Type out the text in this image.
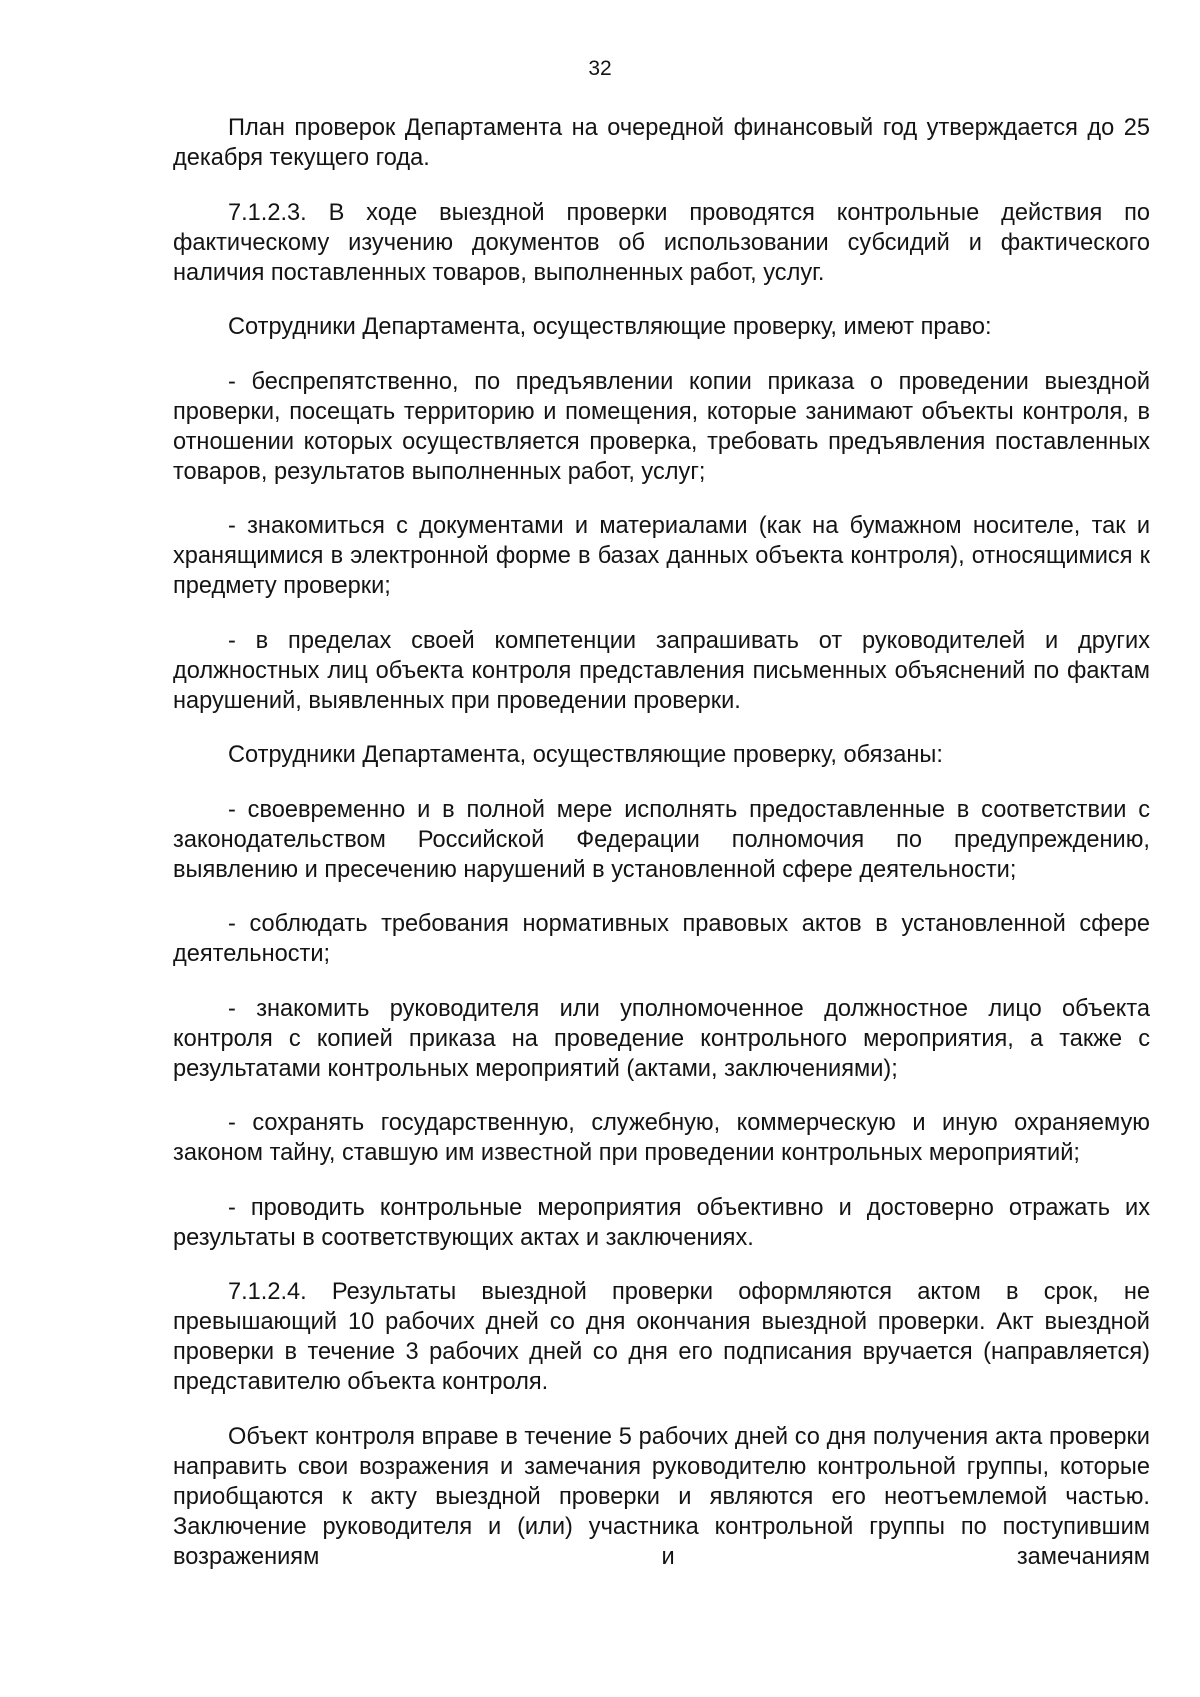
32

План проверок Департамента на очередной финансовый год утверждается до 25 декабря текущего года.

7.1.2.3. В ходе выездной проверки проводятся контрольные действия по фактическому изучению документов об использовании субсидий и фактического наличия поставленных товаров, выполненных работ, услуг.

Сотрудники Департамента, осуществляющие проверку, имеют право:

- беспрепятственно, по предъявлении копии приказа о проведении выездной проверки, посещать территорию и помещения, которые занимают объекты контроля, в отношении которых осуществляется проверка, требовать предъявления поставленных товаров, результатов выполненных работ, услуг;

- знакомиться с документами и материалами (как на бумажном носителе, так и хранящимися в электронной форме в базах данных объекта контроля), относящимися к предмету проверки;

- в пределах своей компетенции запрашивать от руководителей и других должностных лиц объекта контроля представления письменных объяснений по фактам нарушений, выявленных при проведении проверки.

Сотрудники Департамента, осуществляющие проверку, обязаны:

- своевременно и в полной мере исполнять предоставленные в соответствии с законодательством Российской Федерации полномочия по предупреждению, выявлению и пресечению нарушений в установленной сфере деятельности;

- соблюдать требования нормативных правовых актов в установленной сфере деятельности;

- знакомить руководителя или уполномоченное должностное лицо объекта контроля с копией приказа на проведение контрольного мероприятия, а также с результатами контрольных мероприятий (актами, заключениями);

- сохранять государственную, служебную, коммерческую и иную охраняемую законом тайну, ставшую им известной при проведении контрольных мероприятий;

- проводить контрольные мероприятия объективно и достоверно отражать их результаты в соответствующих актах и заключениях.

7.1.2.4. Результаты выездной проверки оформляются актом в срок, не превышающий 10 рабочих дней со дня окончания выездной проверки. Акт выездной проверки в течение 3 рабочих дней со дня его подписания вручается (направляется) представителю объекта контроля.

Объект контроля вправе в течение 5 рабочих дней со дня получения акта проверки направить свои возражения и замечания руководителю контрольной группы, которые приобщаются к акту выездной проверки и являются его неотъемлемой частью. Заключение руководителя и (или) участника контрольной группы по поступившим возражениям и замечаниям
